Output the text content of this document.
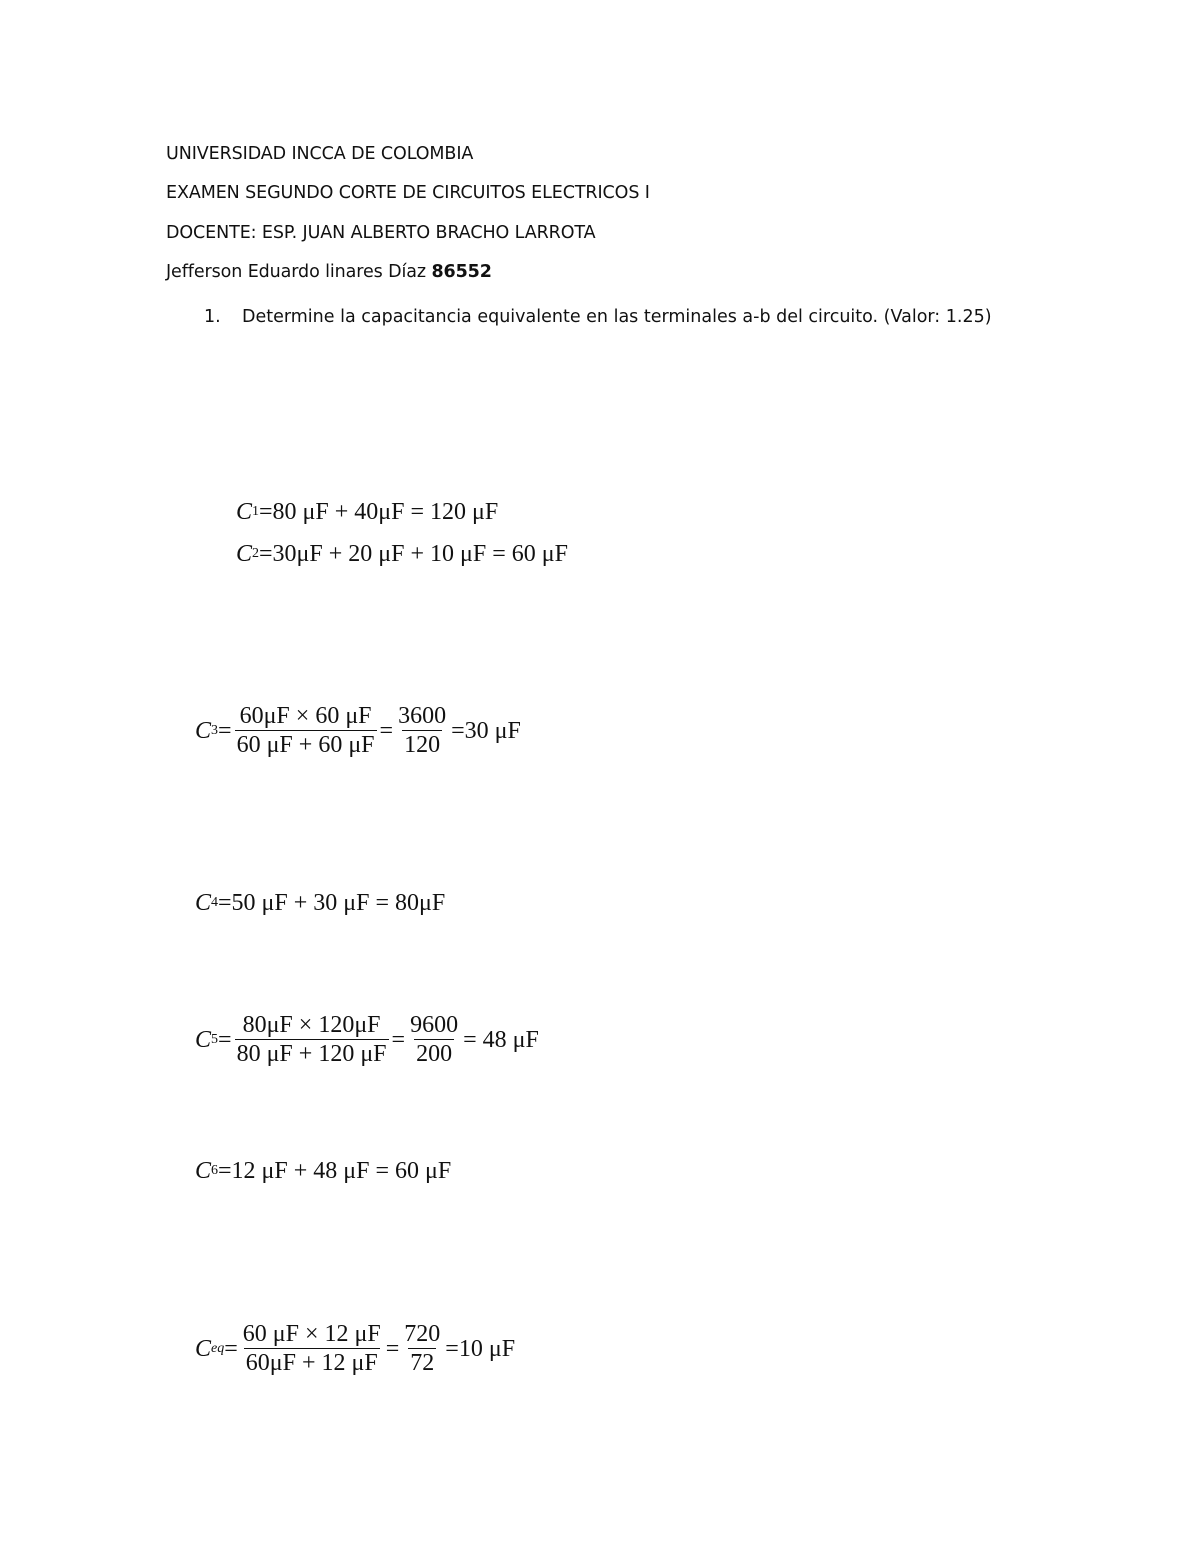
UNIVERSIDAD INCCA DE COLOMBIA
EXAMEN SEGUNDO CORTE DE CIRCUITOS ELECTRICOS I
DOCENTE: ESP. JUAN ALBERTO BRACHO LARROTA
Jefferson Eduardo linares Díaz 86552
1. Determine la capacitancia equivalente en las terminales a-b del circuito. (Valor: 1.25)
C 1 =80 μF + 40μF = 120 μF
C 2 =30μF + 20 μF + 10 μF = 60 μF
C $3 = \frac{60\mu F \times 60 \mu F}{60 \mu F + 60 \mu F} = \frac{3600}{120} =30$ μF
C 4 =50 μF + 30 μF = 80μF
C $5 = \frac{80\mu F \times 120\mu F}{80 \mu F + 120 \mu F} = \frac{9600}{200} = 48$ μF
C 6 =12 μF + 48 μF = 60 μF
C eq = $\frac{60 \mu F \times 12 \mu F}{60\mu F + 12 \mu F} = \frac{720}{72} =10$ μF
